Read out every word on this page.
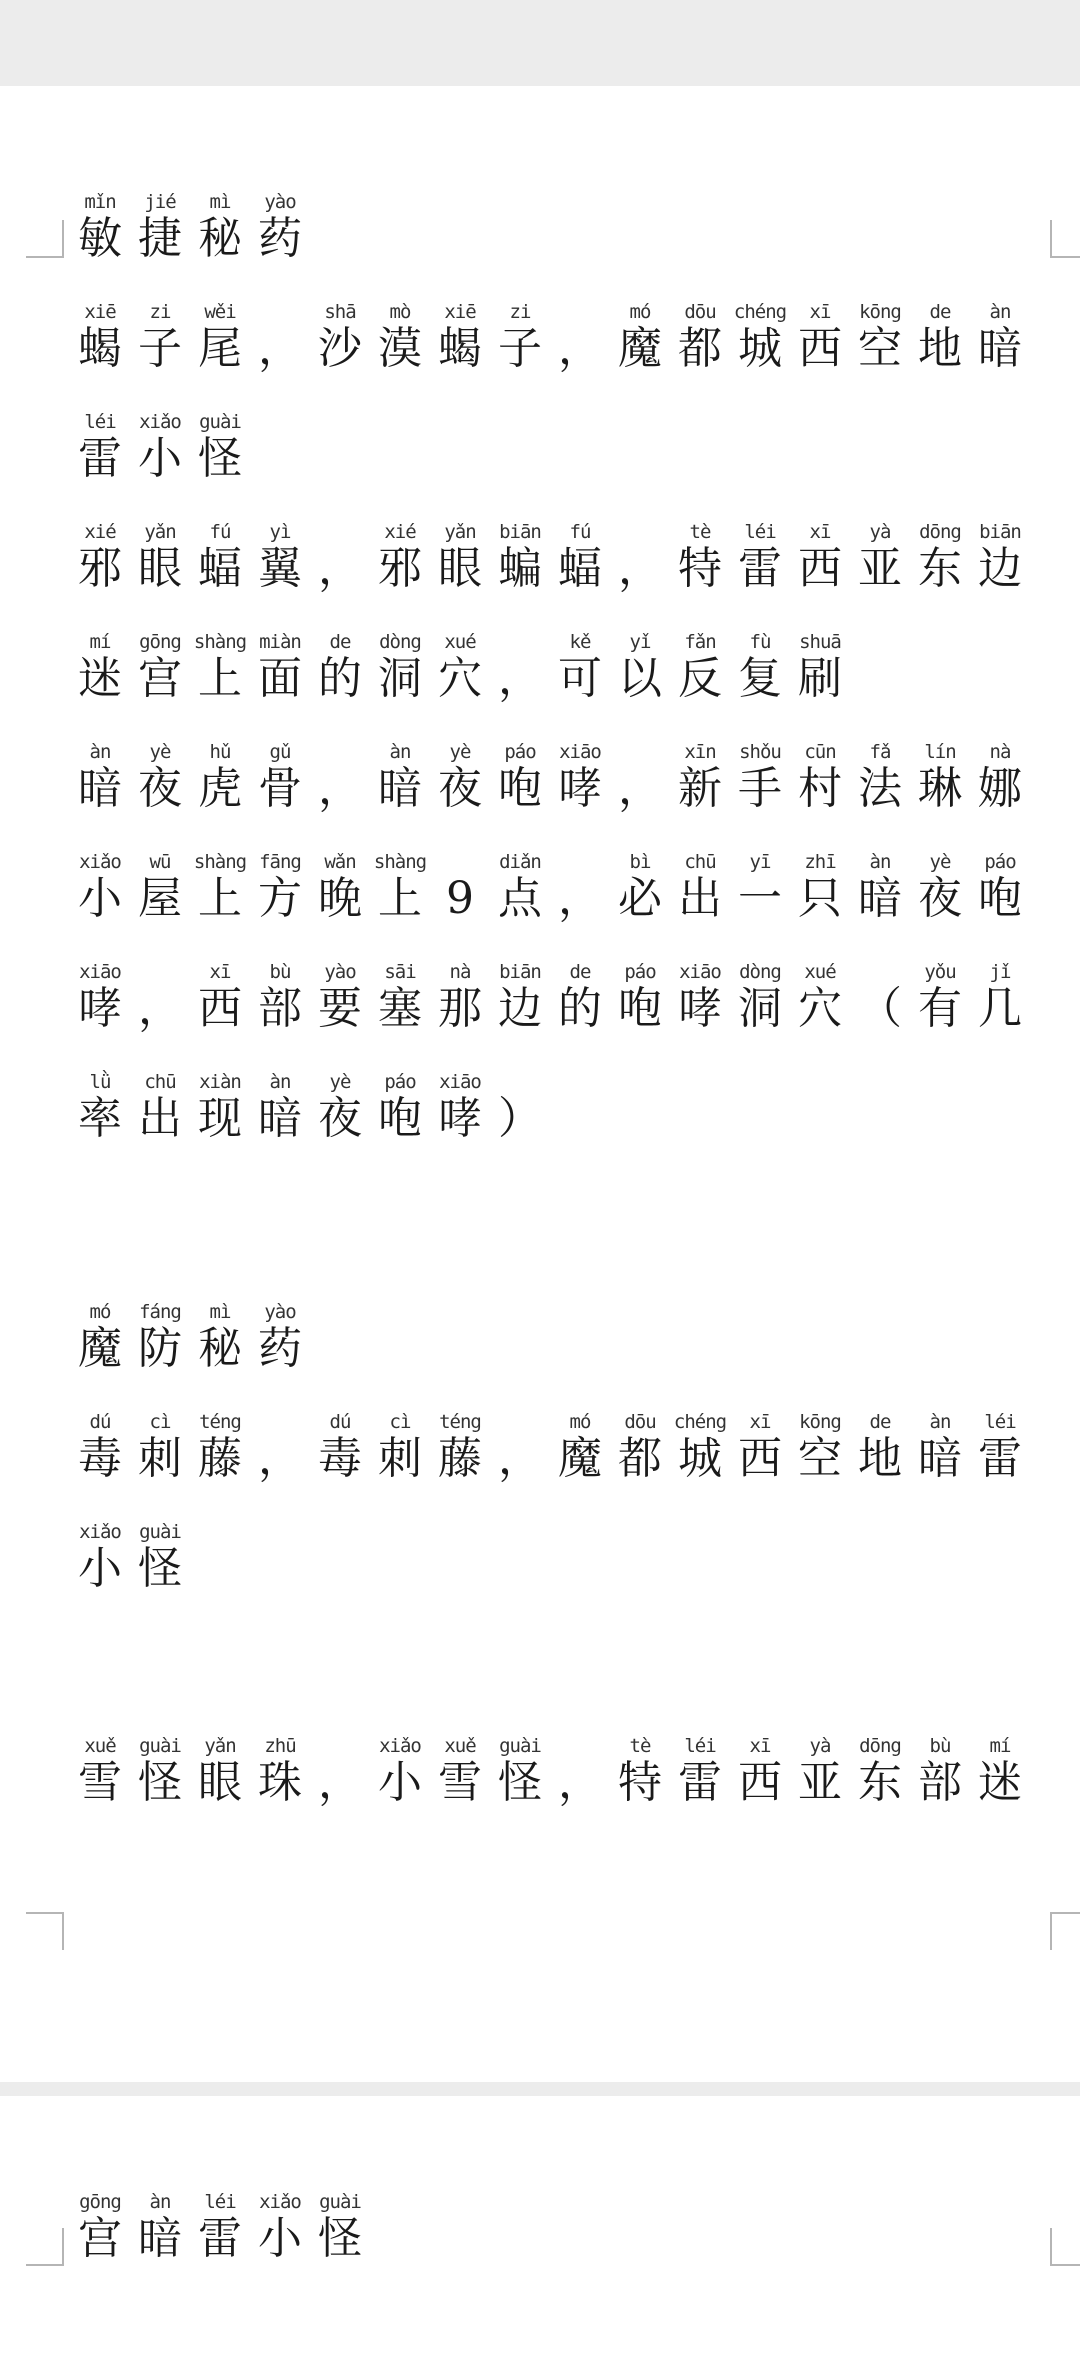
mǐn
敏
jié
捷
mì
秘
yào
药
xiē
蝎
zi
子
wěi
尾 ，
shā
沙
mò
漠
xiē
蝎
zi
子 ，
mó
魔
dōu
都
chéng
城
xī
西
kōng
空
de
地
àn
暗
léi
雷
xiǎo
小
guài
怪
xié
邪
yǎn
眼
fú
蝠
yì
翼 ，
xié
邪
yǎn
眼
biān
蝙
fú
蝠 ，
tè
特
léi
雷
xī
西
yà
亚
dōng
东
biān
边
mí
迷
gōng
宫
shàng
上
miàn
面
de
的
dòng
洞
xué
穴 ，
kě
可
yǐ
以
fǎn
反
fù
复
shuā
刷
àn
暗
yè
夜
hǔ
虎
gǔ
骨 ，
àn
暗
yè
夜
páo
咆
xiāo
哮 ，
xīn
新
shǒu
手
cūn
村
fǎ
法
lín
琳
nà
娜
xiǎo
小
wū
屋
shàng
上
fāng
方
wǎn
晚
shàng
上 9
diǎn
点 ，
bì
必
chū
出
yī
一
zhī
只
àn
暗
yè
夜
páo
咆
xiāo
哮 ，
xī
西
bù
部
yào
要
sāi
塞
nà
那
biān
边
de
的
páo
咆
xiāo
哮
dòng
洞
xué
穴 （
yǒu
有
jǐ
几
lǜ
率
chū
出
xiàn
现
àn
暗
yè
夜
páo
咆
xiāo
哮 ）
mó
魔
fáng
防
mì
秘
yào
药
dú
毒
cì
刺
téng
藤 ，
dú
毒
cì
刺
téng
藤 ，
mó
魔
dōu
都
chéng
城
xī
西
kōng
空
de
地
àn
暗
léi
雷
xiǎo
小
guài
怪
xuě
雪
guài
怪
yǎn
眼
zhū
珠 ，
xiǎo
小
xuě
雪
guài
怪 ，
tè
特
léi
雷
xī
西
yà
亚
dōng
东
bù
部
mí
迷
gōng
宫
àn
暗
léi
雷
xiǎo
小
guài
怪
